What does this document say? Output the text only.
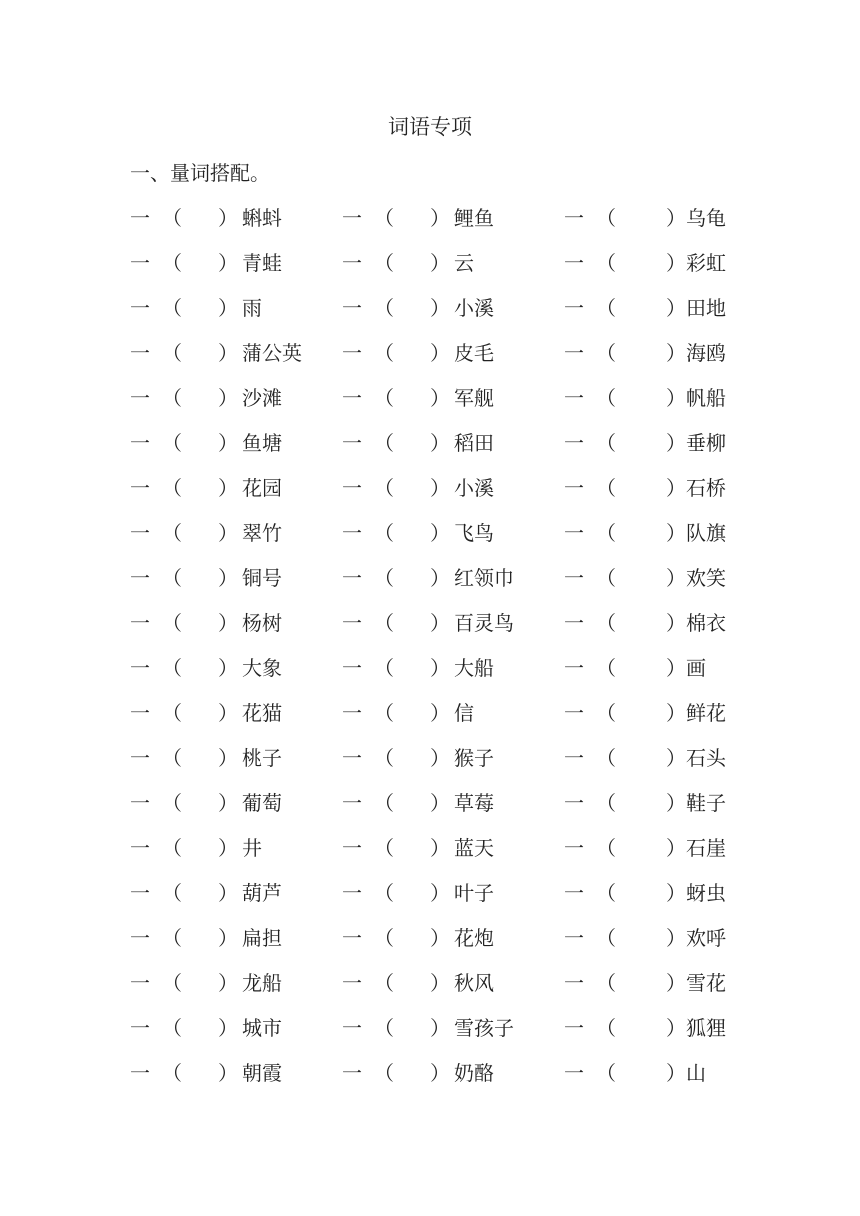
词语专项
一、量词搭配。
一 （ ） 蝌蚪	一 （ ） 鲤鱼	一 （	） 乌龟
一 （ ） 青蛙	一 （ ） 云	一 （	） 彩虹
一 （ ） 雨	一 （ ） 小溪	一 （	） 田地
一 （ ） 蒲公英 一 （ ） 皮毛	一 （	） 海鸥
一 （ ） 沙滩	一 （ ） 军舰	一 （	） 帆船
一 （ ） 鱼塘	一 （ ） 稻田	一 （	） 垂柳
一 （ ） 花园	一 （ ） 小溪	一 （	） 石桥
一 （ ） 翠竹	一 （ ） 飞鸟	一 （	） 队旗
一 （ ） 铜号	一 （ ） 红领巾	一 （	） 欢笑
一 （ ） 杨树	一 （ ） 百灵鸟	一 （	） 棉衣
一 （ ） 大象	一 （ ） 大船	一 （	） 画
一 （ ） 花猫	一 （ ） 信	一 （	） 鲜花
一 （ ） 桃子	一 （ ） 猴子	一 （	） 石头
一 （ ） 葡萄	一 （ ） 草莓	一 （	） 鞋子
一 （ ） 井	一 （ ） 蓝天	一 （	） 石崖
一 （ ） 葫芦	一 （ ） 叶子	一 （	） 蚜虫
一 （ ） 扁担	一 （ ） 花炮	一 （	） 欢呼
一 （ ） 龙船	一 （ ） 秋风	一 （	） 雪花
一 （ ） 城市	一 （ ） 雪孩子	一 （	） 狐狸
一 （ ） 朝霞	一 （ ） 奶酪	一 （	） 山
